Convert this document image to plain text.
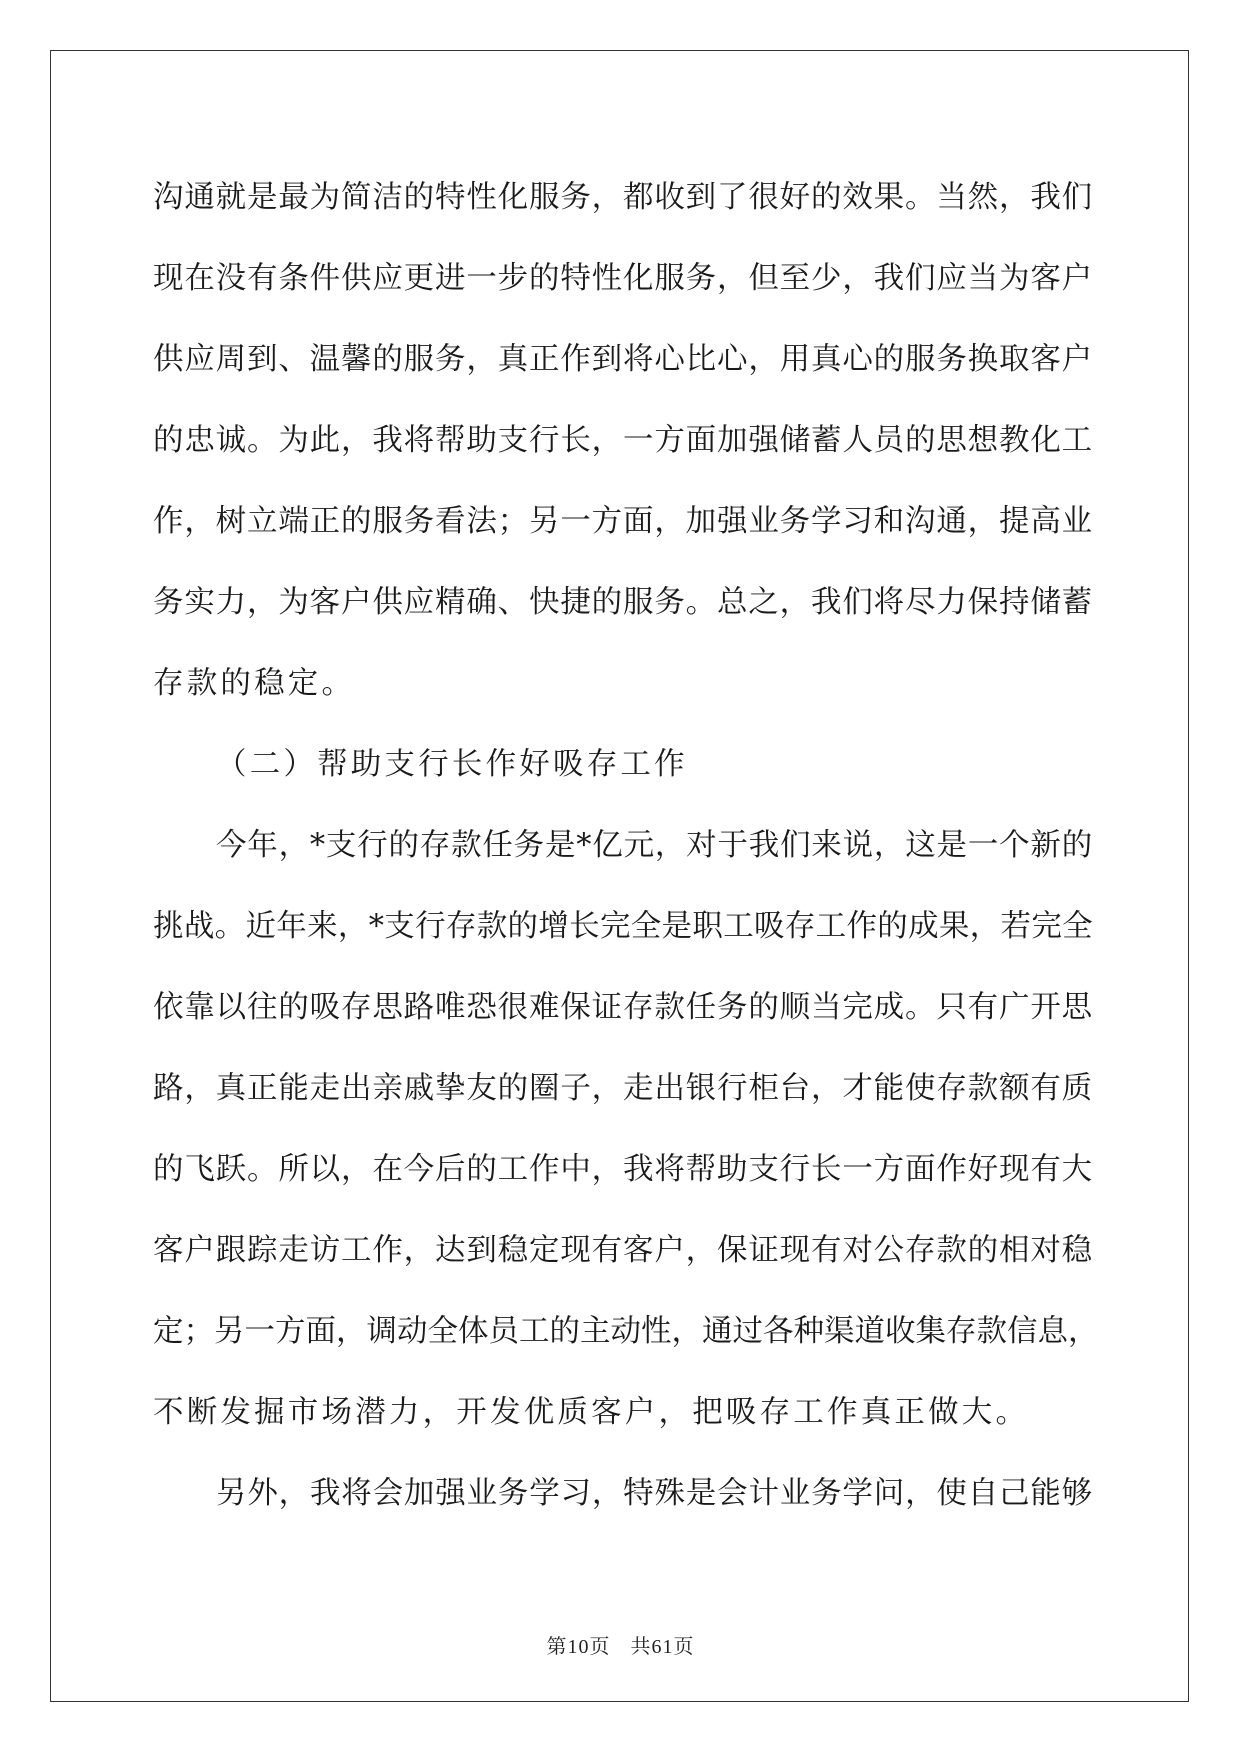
沟通就是最为简洁的特性化服务，都收到了很好的效果。当然，我们
现在没有条件供应更进一步的特性化服务，但至少，我们应当为客户
供应周到、温馨的服务，真正作到将心比心，用真心的服务换取客户
的忠诚。为此，我将帮助支行长，一方面加强储蓄人员的思想教化工
作，树立端正的服务看法；另一方面，加强业务学习和沟通，提高业
务实力，为客户供应精确、快捷的服务。总之，我们将尽力保持储蓄
存款的稳定。
（二）帮助支行长作好吸存工作
今年，*支行的存款任务是*亿元，对于我们来说，这是一个新的
挑战。近年来，*支行存款的增长完全是职工吸存工作的成果，若完全
依靠以往的吸存思路唯恐很难保证存款任务的顺当完成。只有广开思
路，真正能走出亲戚挚友的圈子，走出银行柜台，才能使存款额有质
的飞跃。所以，在今后的工作中，我将帮助支行长一方面作好现有大
客户跟踪走访工作，达到稳定现有客户，保证现有对公存款的相对稳
定；另一方面，调动全体员工的主动性，通过各种渠道收集存款信息，
不断发掘市场潜力，开发优质客户，把吸存工作真正做大。
另外，我将会加强业务学习，特殊是会计业务学问，使自己能够
第10页 共61页
